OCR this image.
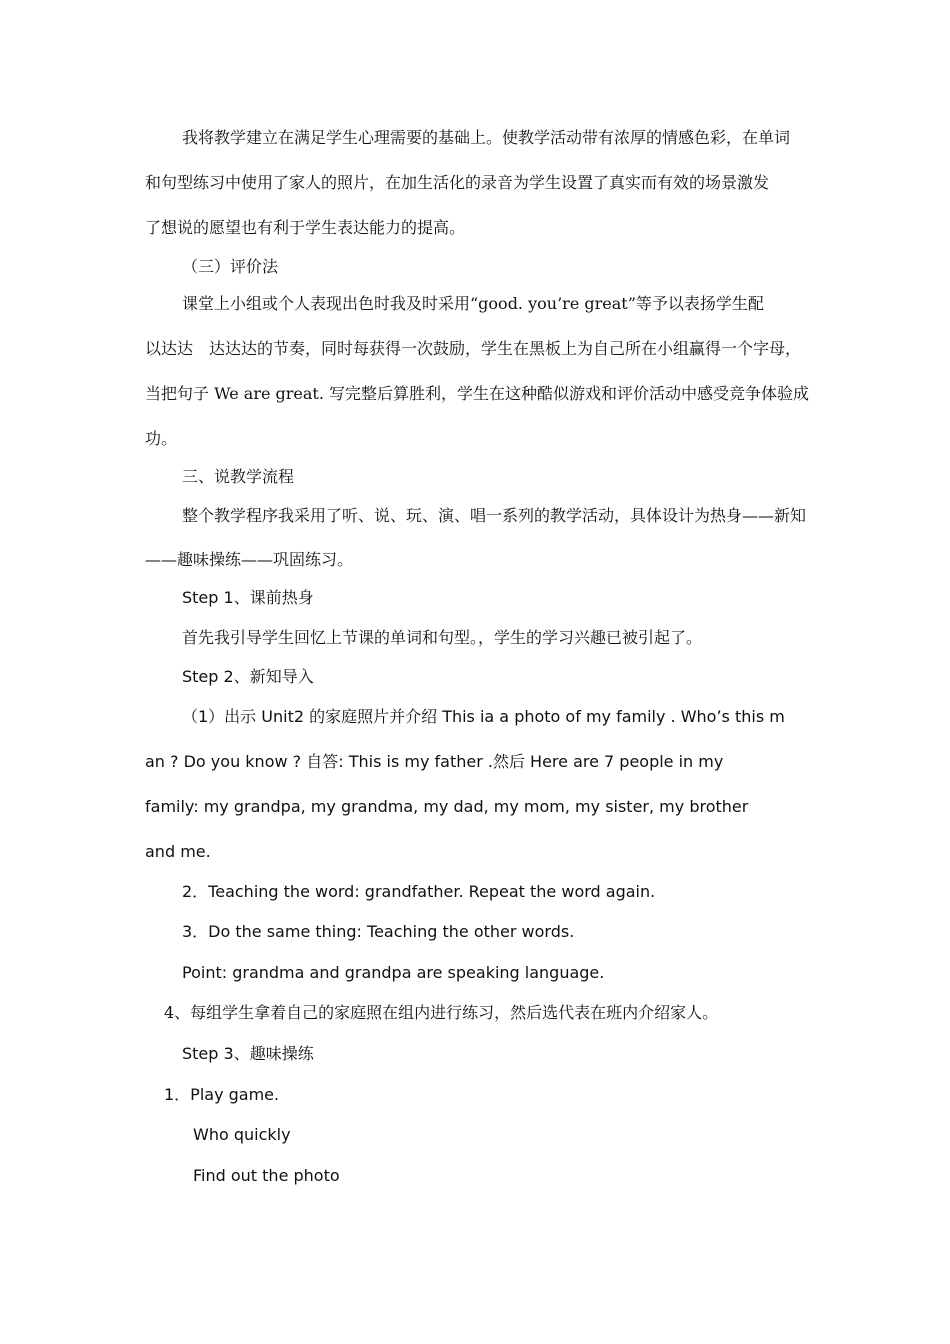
我将教学建立在满足学生心理需要的基础上。使教学活动带有浓厚的情感色彩，在单词
和句型练习中使用了家人的照片，在加生活化的录音为学生设置了真实而有效的场景激发
了想说的愿望也有利于学生表达能力的提高。
（三）评价法
课堂上小组或个人表现出色时我及时采用“good. you’re great”等予以表扬学生配
以达达　达达达的节奏，同时每获得一次鼓励，学生在黑板上为自己所在小组赢得一个字母，
当把句子 We are great. 写完整后算胜利，学生在这种酷似游戏和评价活动中感受竞争体验成
功。
三、说教学流程
整个教学程序我采用了听、说、玩、演、唱一系列的教学活动，具体设计为热身——新知
——趣味操练——巩固练习。
Step 1、课前热身
首先我引导学生回忆上节课的单词和句型。，学生的学习兴趣已被引起了。
Step 2、新知导入
（1）出示 Unit2 的家庭照片并介绍 This ia a photo of my family . Who’s this m
an ? Do you know ? 自答: This is my father .然后 Here are 7 people in my
family: my grandpa, my grandma, my dad, my mom, my sister, my brother
and me.
2．Teaching the word: grandfather. Repeat the word again.
3．Do the same thing: Teaching the other words.
Point: grandma and grandpa are speaking language.
4、每组学生拿着自己的家庭照在组内进行练习，然后选代表在班内介绍家人。
Step 3、趣味操练
1．Play game.
Who quickly
Find out the photo
